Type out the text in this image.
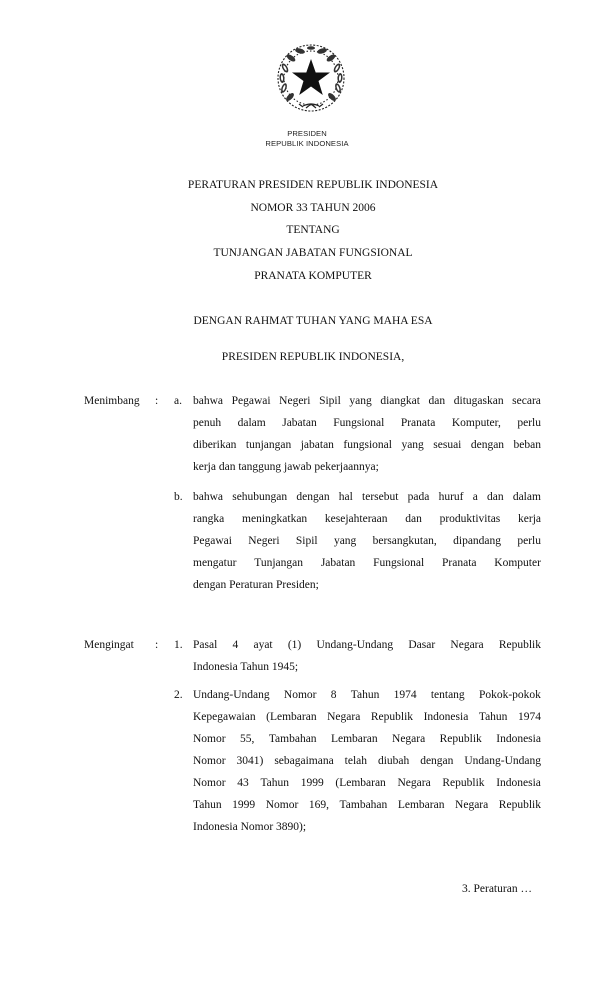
PRESIDEN
REPUBLIK INDONESIA
PERATURAN PRESIDEN REPUBLIK INDONESIA
NOMOR 33 TAHUN 2006
TENTANG
TUNJANGAN JABATAN FUNGSIONAL
PRANATA KOMPUTER
DENGAN RAHMAT TUHAN YANG MAHA ESA
PRESIDEN REPUBLIK INDONESIA,
Menimbang : a. bahwa Pegawai Negeri Sipil yang diangkat dan ditugaskan secara
penuh dalam Jabatan Fungsional Pranata Komputer, perlu
diberikan tunjangan jabatan fungsional yang sesuai dengan beban
kerja dan tanggung jawab pekerjaannya;
b. bahwa sehubungan dengan hal tersebut pada huruf a dan dalam
rangka meningkatkan kesejahteraan dan produktivitas kerja
Pegawai Negeri Sipil yang bersangkutan, dipandang perlu
mengatur Tunjangan Jabatan Fungsional Pranata Komputer
dengan Peraturan Presiden;
Mengingat : 1. Pasal 4 ayat (1) Undang-Undang Dasar Negara Republik
Indonesia Tahun 1945;
2. Undang-Undang Nomor 8 Tahun 1974 tentang Pokok-pokok
Kepegawaian (Lembaran Negara Republik Indonesia Tahun 1974
Nomor 55, Tambahan Lembaran Negara Republik Indonesia
Nomor 3041) sebagaimana telah diubah dengan Undang-Undang
Nomor 43 Tahun 1999 (Lembaran Negara Republik Indonesia
Tahun 1999 Nomor 169, Tambahan Lembaran Negara Republik
Indonesia Nomor 3890);
3. Peraturan …
